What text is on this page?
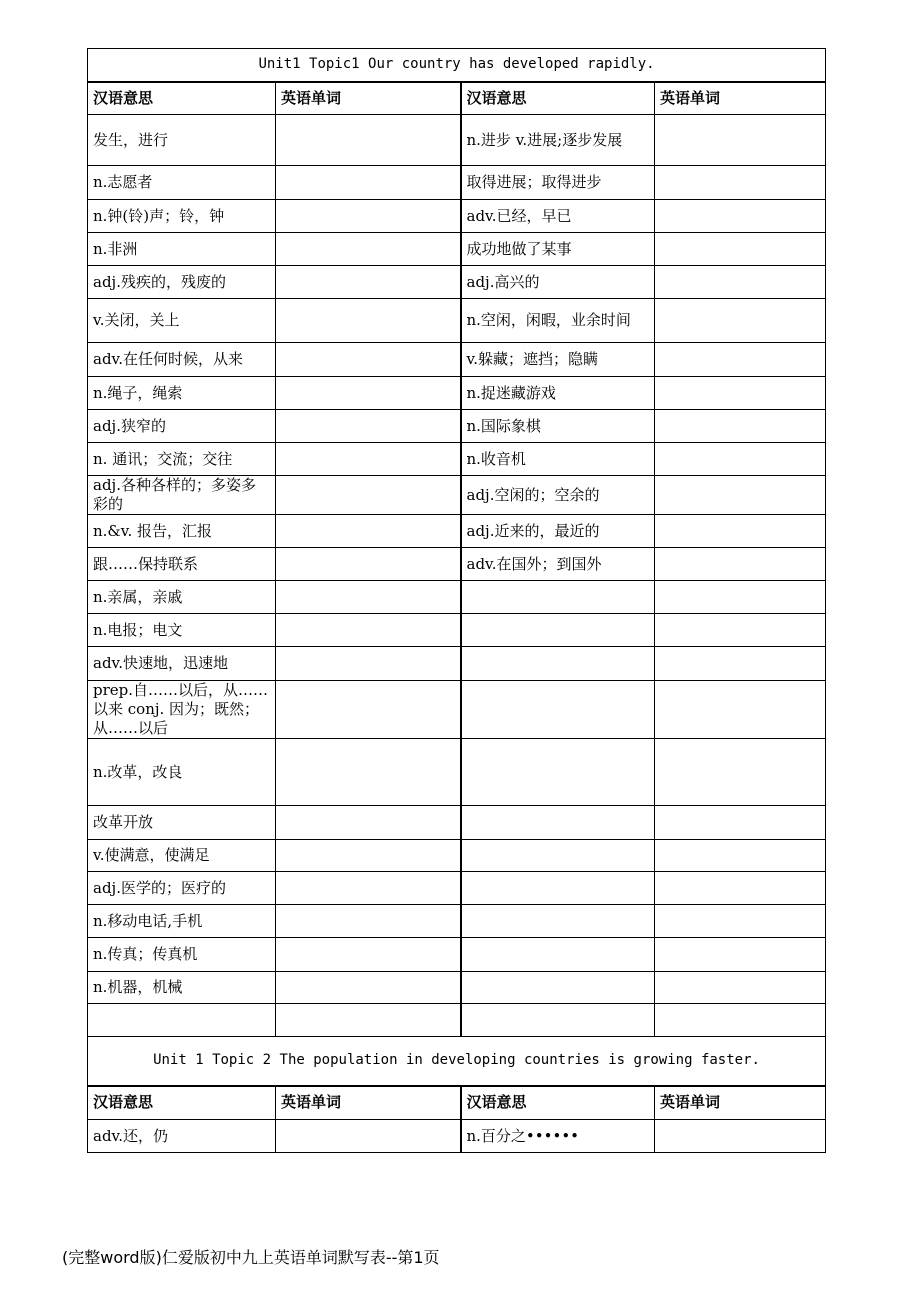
Unit1 Topic1 Our country has developed rapidly.			
汉语意思	英语单词	汉语意思	英语单词
发生，进行		n.进步 v.进展;逐步发展	
n.志愿者		取得进展；取得进步	
n.钟(铃)声；铃，钟		adv.已经，早已	
n.非洲		成功地做了某事	
adj.残疾的，残废的		adj.高兴的	
v.关闭，关上		n.空闲，闲暇，业余时间	
adv.在任何时候，从来		v.躲藏；遮挡；隐瞒	
n.绳子，绳索		n.捉迷藏游戏	
adj.狭窄的		n.国际象棋	
n. 通讯；交流；交往		n.收音机	
adj.各种各样的；多姿多彩的		adj.空闲的；空余的	
n.&v. 报告，汇报		adj.近来的，最近的	
跟……保持联系		adv.在国外；到国外	
n.亲属，亲戚			
n.电报；电文			
adv.快速地，迅速地			
prep.自……以后，从……以来 conj. 因为；既然；从……以后			
n.改革，改良			
改革开放			
v.使满意，使满足			
adj.医学的；医疗的			
n.移动电话,手机			
n.传真；传真机			
n.机器，机械			

Unit 1 Topic 2 The population in developing countries is growing faster.			
汉语意思	英语单词	汉语意思	英语单词
adv.还，仍		n.百分之••••••	
(完整word版)仁爱版初中九上英语单词默写表--第1页
